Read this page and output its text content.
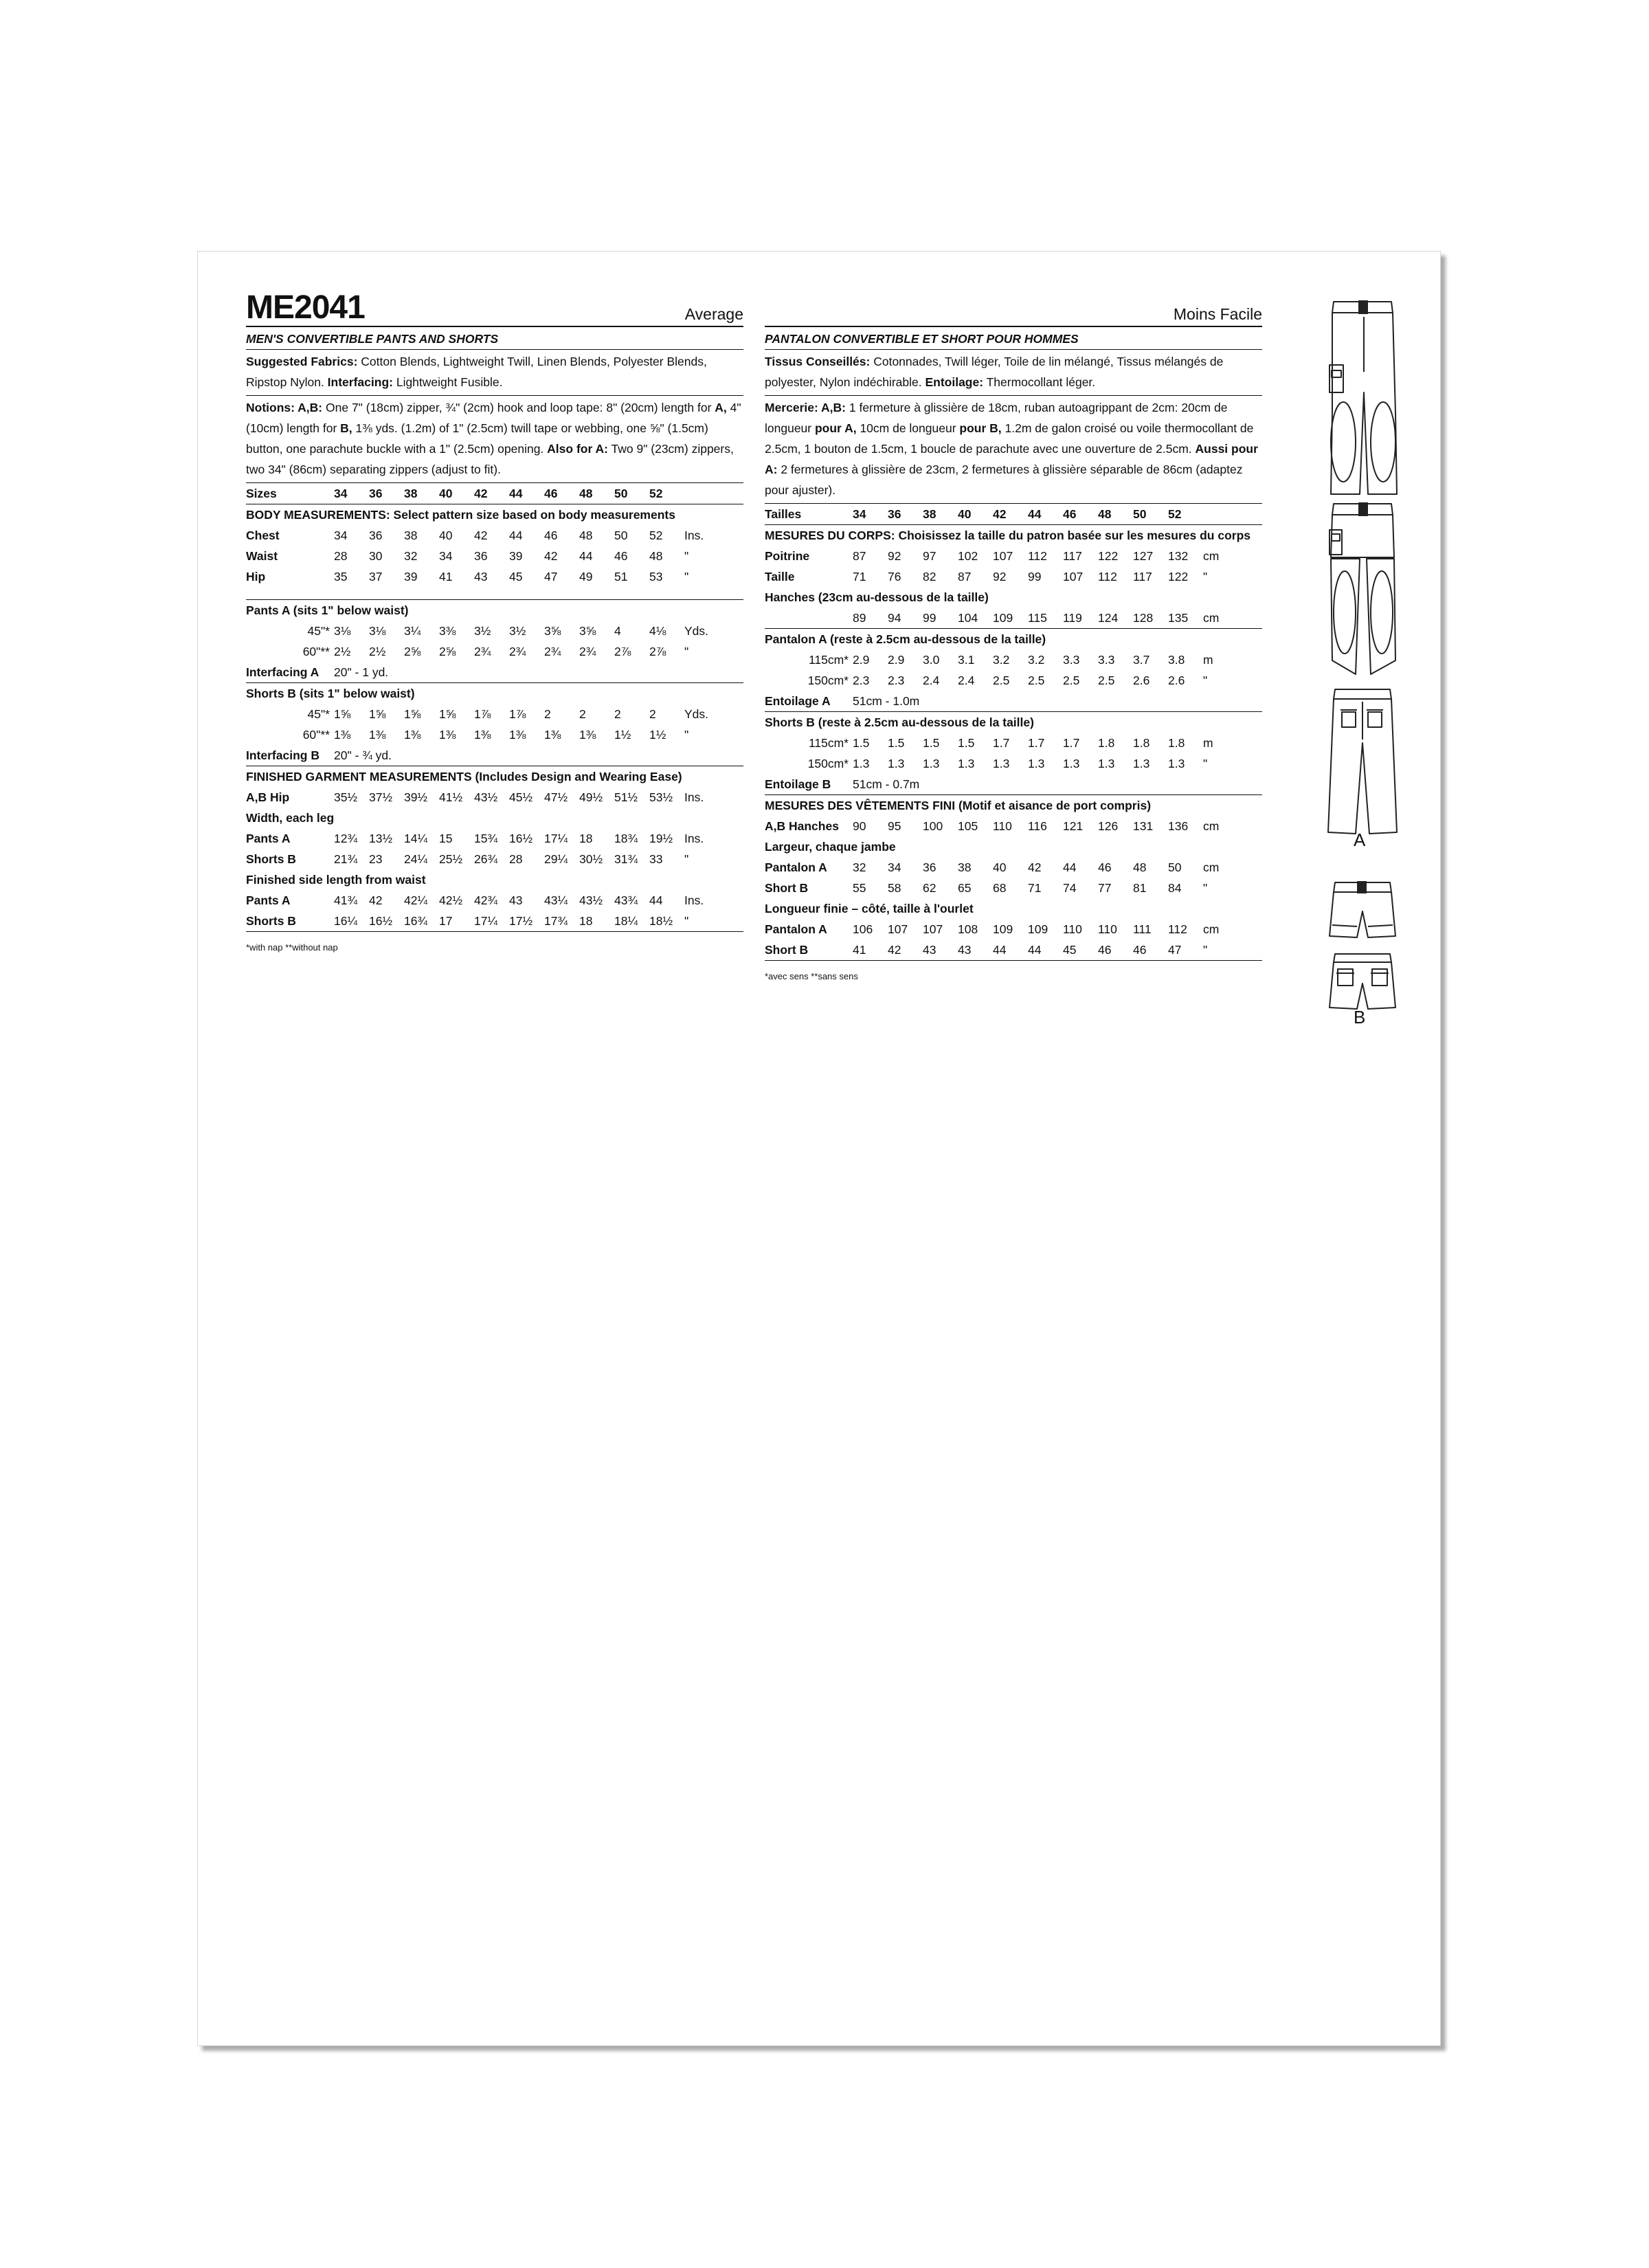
ME2041	Average
MEN'S CONVERTIBLE PANTS AND SHORTS
Suggested Fabrics: Cotton Blends, Lightweight Twill, Linen Blends, Polyester Blends, Ripstop Nylon. Interfacing: Lightweight Fusible.
Notions: A,B: One 7" (18cm) zipper, ¾" (2cm) hook and loop tape: 8" (20cm) length for A, 4" (10cm) length for B, 1⅜ yds. (1.2m) of 1" (2.5cm) twill tape or webbing, one ⅝" (1.5cm) button, one parachute buckle with a 1" (2.5cm) opening. Also for A: Two 9" (23cm) zippers, two 34" (86cm) separating zippers (adjust to fit).
Sizes	34	36	38	40	42	44	46	48	50	52	
BODY MEASUREMENTS: Select pattern size based on body measurements											
Chest	34	36	38	40	42	44	46	48	50	52	Ins.
Waist	28	30	32	34	36	39	42	44	46	48	"
Hip	35	37	39	41	43	45	47	49	51	53	"

Pants A (sits 1" below waist)											
45"*	3⅛	3⅛	3¼	3⅜	3½	3½	3⅝	3⅝	4	4⅛	Yds.
60"**	2½	2½	2⅝	2⅝	2¾	2¾	2¾	2¾	2⅞	2⅞	"
Interfacing A	20" - 1 yd.										
Shorts B (sits 1" below waist)											
45"*	1⅝	1⅝	1⅝	1⅝	1⅞	1⅞	2	2	2	2	Yds.
60"**	1⅜	1⅜	1⅜	1⅜	1⅜	1⅜	1⅜	1⅜	1½	1½	"
Interfacing B	20" - ¾ yd.										
FINISHED GARMENT MEASUREMENTS (Includes Design and Wearing Ease)											
A,B Hip	35½	37½	39½	41½	43½	45½	47½	49½	51½	53½	Ins.
Width, each leg											
Pants A	12¾	13½	14¼	15	15¾	16½	17¼	18	18¾	19½	Ins.
Shorts B	21¾	23	24¼	25½	26¾	28	29¼	30½	31¾	33	"
Finished side length from waist											
Pants A	41¾	42	42¼	42½	42¾	43	43¼	43½	43¾	44	Ins.
Shorts B	16¼	16½	16¾	17	17¼	17½	17¾	18	18¼	18½	"
*with nap **without nap
Moins Facile
PANTALON CONVERTIBLE ET SHORT POUR HOMMES
Tissus Conseillés: Cotonnades, Twill léger, Toile de lin mélangé, Tissus mélangés de polyester, Nylon indéchirable. Entoilage: Thermocollant léger.
Mercerie: A,B: 1 fermeture à glissière de 18cm, ruban autoagrippant de 2cm: 20cm de longueur pour A, 10cm de longueur pour B, 1.2m de galon croisé ou voile thermocollant de 2.5cm, 1 bouton de 1.5cm, 1 boucle de parachute avec une ouverture de 2.5cm. Aussi pour A: 2 fermetures à glissière de 23cm, 2 fermetures à glissière séparable de 86cm (adaptez pour ajuster).
Tailles	34	36	38	40	42	44	46	48	50	52	
MESURES DU CORPS: Choisissez la taille du patron basée sur les mesures du corps											
Poitrine	87	92	97	102	107	112	117	122	127	132	cm
Taille	71	76	82	87	92	99	107	112	117	122	"
Hanches (23cm au-dessous de la taille)											
	89	94	99	104	109	115	119	124	128	135	cm
Pantalon A (reste à 2.5cm au-dessous de la taille)											
115cm*	2.9	2.9	3.0	3.1	3.2	3.2	3.3	3.3	3.7	3.8	m
150cm*	2.3	2.3	2.4	2.4	2.5	2.5	2.5	2.5	2.6	2.6	"
Entoilage A	51cm - 1.0m										
Shorts B (reste à 2.5cm au-dessous de la taille)											
115cm*	1.5	1.5	1.5	1.5	1.7	1.7	1.7	1.8	1.8	1.8	m
150cm*	1.3	1.3	1.3	1.3	1.3	1.3	1.3	1.3	1.3	1.3	"
Entoilage B	51cm - 0.7m										
MESURES DES VÊTEMENTS FINI (Motif et aisance de port compris)											
A,B Hanches	90	95	100	105	110	116	121	126	131	136	cm
Largeur, chaque jambe											
Pantalon A	32	34	36	38	40	42	44	46	48	50	cm
Short B	55	58	62	65	68	71	74	77	81	84	"
Longueur finie – côté, taille à l'ourlet											
Pantalon A	106	107	107	108	109	109	110	110	111	112	cm
Short B	41	42	43	43	44	44	45	46	46	47	"
*avec sens **sans sens
A
B
